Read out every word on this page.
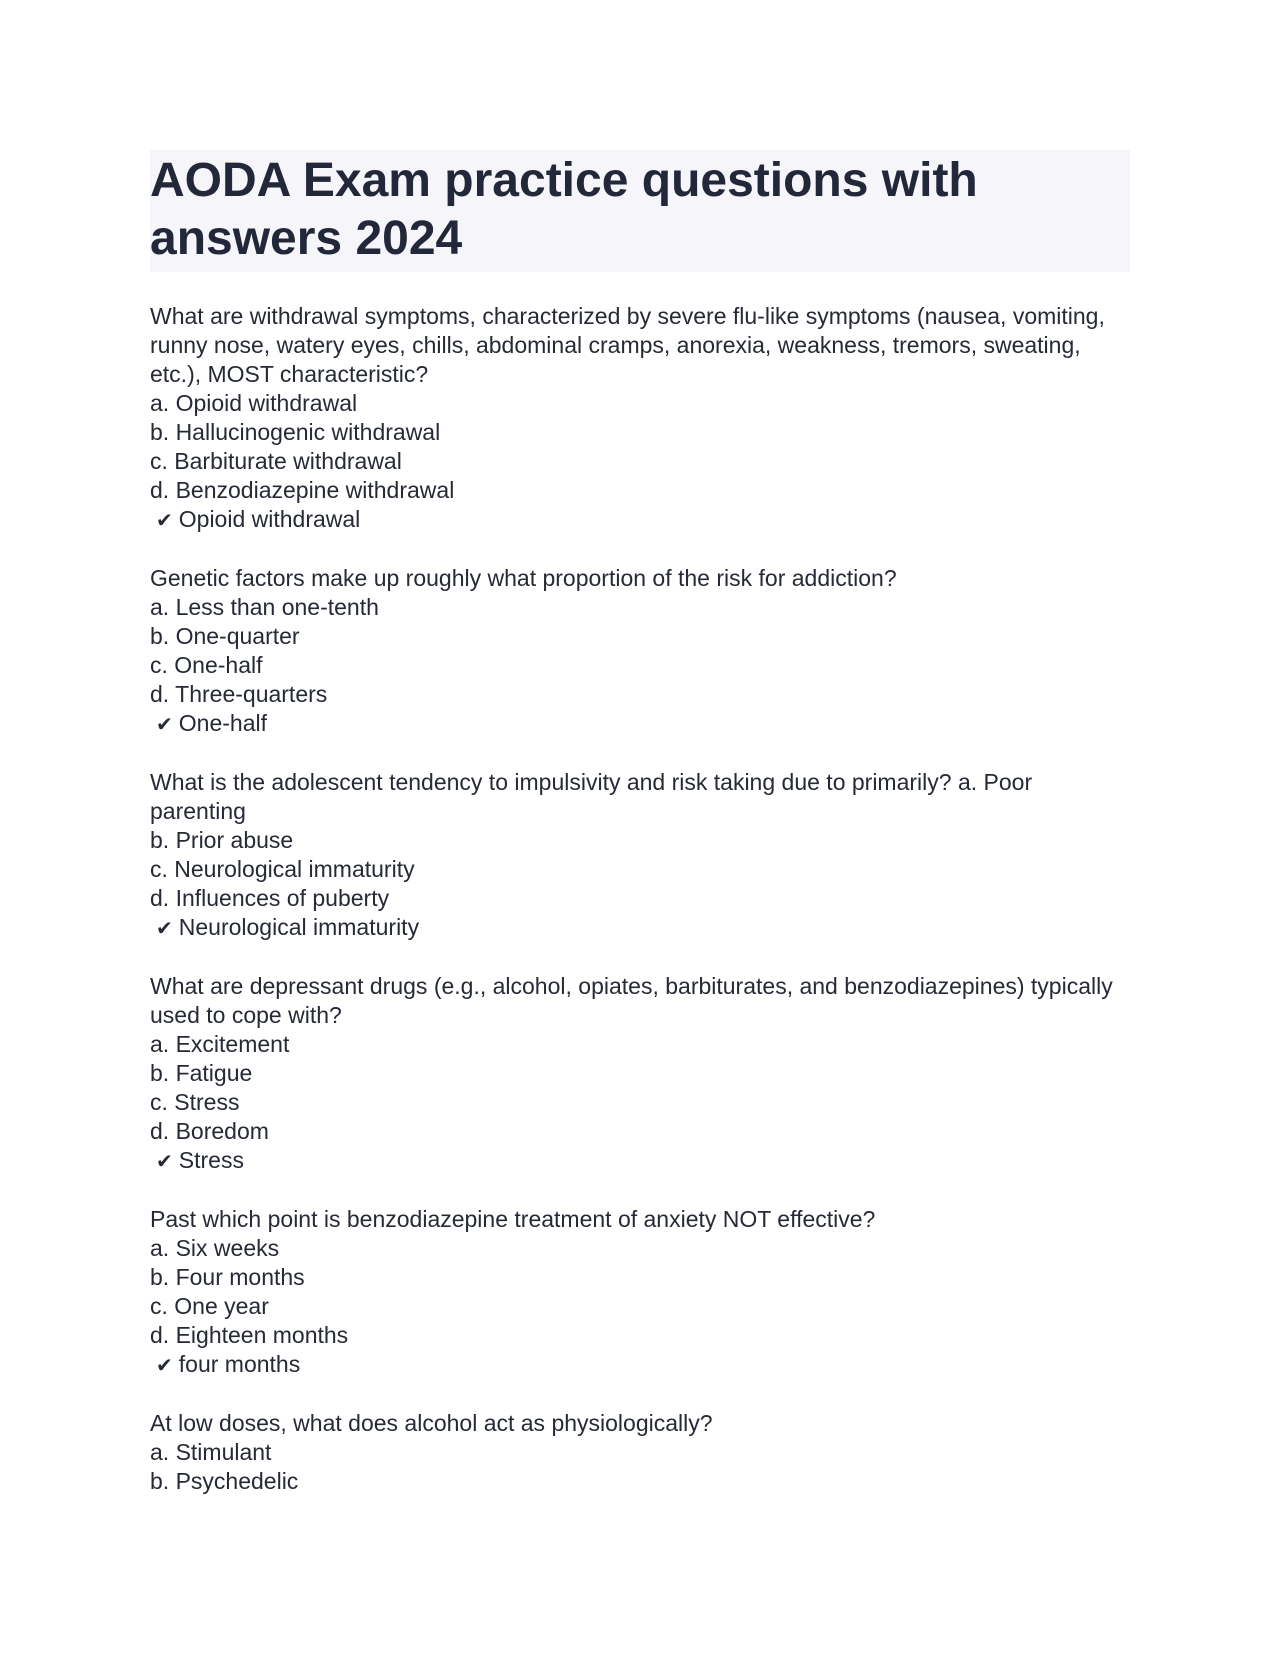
AODA Exam practice questions with answers 2024

What are withdrawal symptoms, characterized by severe flu-like symptoms (nausea, vomiting, runny nose, watery eyes, chills, abdominal cramps, anorexia, weakness, tremors, sweating, etc.), MOST characteristic?

a. Opioid withdrawal

b. Hallucinogenic withdrawal

c. Barbiturate withdrawal

d. Benzodiazepine withdrawal

✔ Opioid withdrawal

Genetic factors make up roughly what proportion of the risk for addiction?

a. Less than one-tenth

b. One-quarter

c. One-half

d. Three-quarters

✔ One-half

What is the adolescent tendency to impulsivity and risk taking due to primarily? a. Poor parenting

b. Prior abuse

c. Neurological immaturity

d. Influences of puberty

✔ Neurological immaturity

What are depressant drugs (e.g., alcohol, opiates, barbiturates, and benzodiazepines) typically used to cope with?

a. Excitement

b. Fatigue

c. Stress

d. Boredom

✔ Stress

Past which point is benzodiazepine treatment of anxiety NOT effective?

a. Six weeks

b. Four months

c. One year

d. Eighteen months

✔ four months

At low doses, what does alcohol act as physiologically?

a. Stimulant

b. Psychedelic
